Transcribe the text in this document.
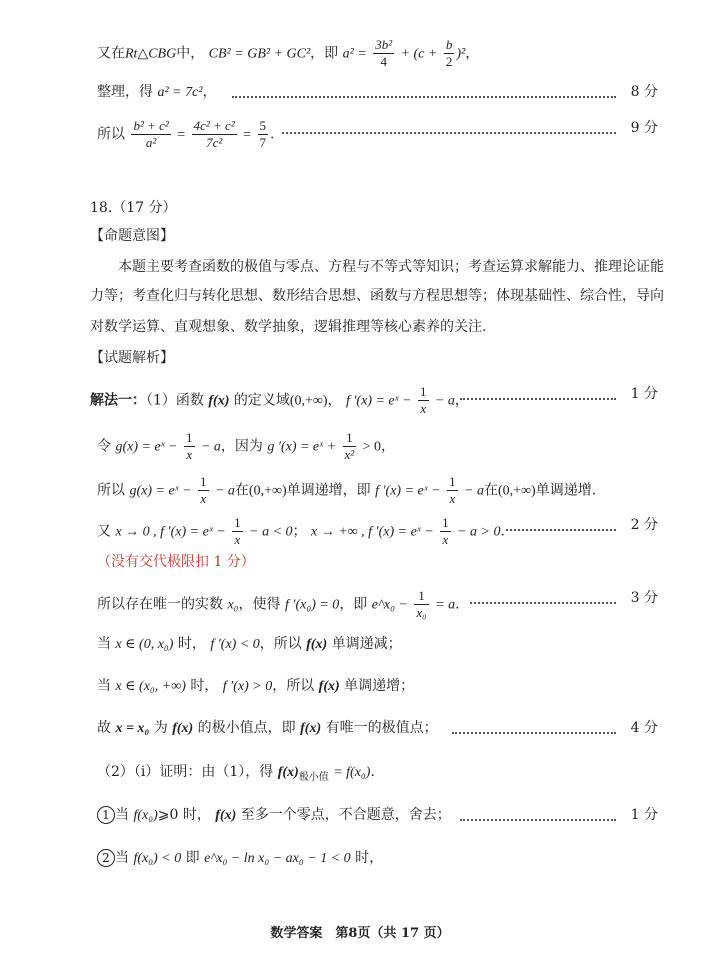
又在Rt△CBG中， CB² = GB² + GC²，即 $a^2 = \frac{\text{3b²}}{4} + (c + \frac{b}{2} )^2$，
整理，得 a² = 7c²，	8 分
所以 $\frac{\text{b² + c²}}{\text{a²}} = \frac{\text{4c² + c²}}{\text{7c²}} = \frac{5}{7}$ .	9 分
18.（17 分）
【命题意图】
本题主要考查函数的极值与零点、方程与不等式等知识；考查运算求解能力、推理论证能
力等；考查化归与转化思想、数形结合思想、函数与方程思想等；体现基础性、综合性，导向
对数学运算、直观想象、数学抽象，逻辑推理等核心素养的关注.
【试题解析】
解法一：（1）函数 f(x) 的定义域(0,+∞)， f ′(x) = eˣ − $\frac{1}{x} - a$，	1 分
令 g(x) = eˣ − $\frac{1}{x} - a$，因为 g ′(x) = eˣ + $\frac{1}{\text{x²}} > 0$，
所以 g(x) = eˣ − $\frac{1}{x} - a$在(0,+∞)单调递增，即 f ′(x) = eˣ − $\frac{1}{x} - a$在(0,+∞)单调递增.
又 x → 0 , f ′(x) = eˣ − $\frac{1}{x} - a < 0$； x → +∞ , f ′(x) = eˣ − $\frac{1}{x} - a > 0$.	2 分
（没有交代极限扣 1 分）
所以存在唯一的实数 x₀，使得 f ′(x₀) = 0，即 e^x₀ − $\frac{1}{\text{x₀}} = a$.	3 分
当 x ∈ (0, x₀) 时， f ′(x) < 0，所以 f(x) 单调递减；
当 x ∈ (x₀, +∞) 时， f ′(x) > 0，所以 f(x) 单调递增；
故 x = x₀ 为 f(x) 的极小值点，即 f(x) 有唯一的极值点；	4 分
（2）（i）证明：由（1），得 $f(x)_{极小值} = f(x_0)$.
1 当 f(x₀)⩾0 时， f(x) 至多一个零点，不合题意，舍去；	1 分
2 当 f(x₀) < 0 即 e^x₀ − ln x₀ − ax₀ − 1 < 0 时，
数学答案　第8页（共 17 页）
